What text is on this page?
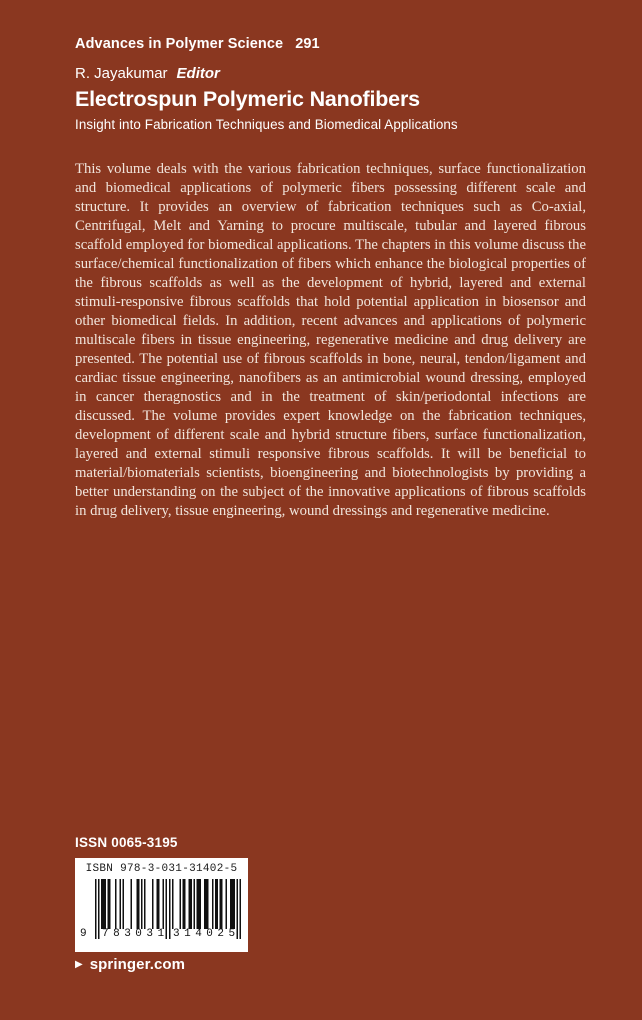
Advances in Polymer Science 291
R. Jayakumar Editor
Electrospun Polymeric Nanofibers
Insight into Fabrication Techniques and Biomedical Applications
This volume deals with the various fabrication techniques, surface functionalization and biomedical applications of polymeric fibers possessing different scale and structure. It provides an overview of fabrication techniques such as Co-axial, Centrifugal, Melt and Yarning to procure multiscale, tubular and layered fibrous scaffold employed for biomedical applications. The chapters in this volume discuss the surface/chemical functionalization of fibers which enhance the biological properties of the fibrous scaffolds as well as the development of hybrid, layered and external stimuli-responsive fibrous scaffolds that hold potential application in biosensor and other biomedical fields. In addition, recent advances and applications of polymeric multiscale fibers in tissue engineering, regenerative medicine and drug delivery are presented. The potential use of fibrous scaffolds in bone, neural, tendon/ligament and cardiac tissue engineering, nanofibers as an antimicrobial wound dressing, employed in cancer theragnostics and in the treatment of skin/periodontal infections are discussed. The volume provides expert knowledge on the fabrication techniques, development of different scale and hybrid structure fibers, surface functionalization, layered and external stimuli responsive fibrous scaffolds. It will be beneficial to material/biomaterials scientists, bioengineering and biotechnologists by providing a better understanding on the subject of the innovative applications of fibrous scaffolds in drug delivery, tissue engineering, wound dressings and regenerative medicine.
ISSN 0065-3195
ISBN 978-3-031-31402-5
9 783031 314025
▶ springer.com
